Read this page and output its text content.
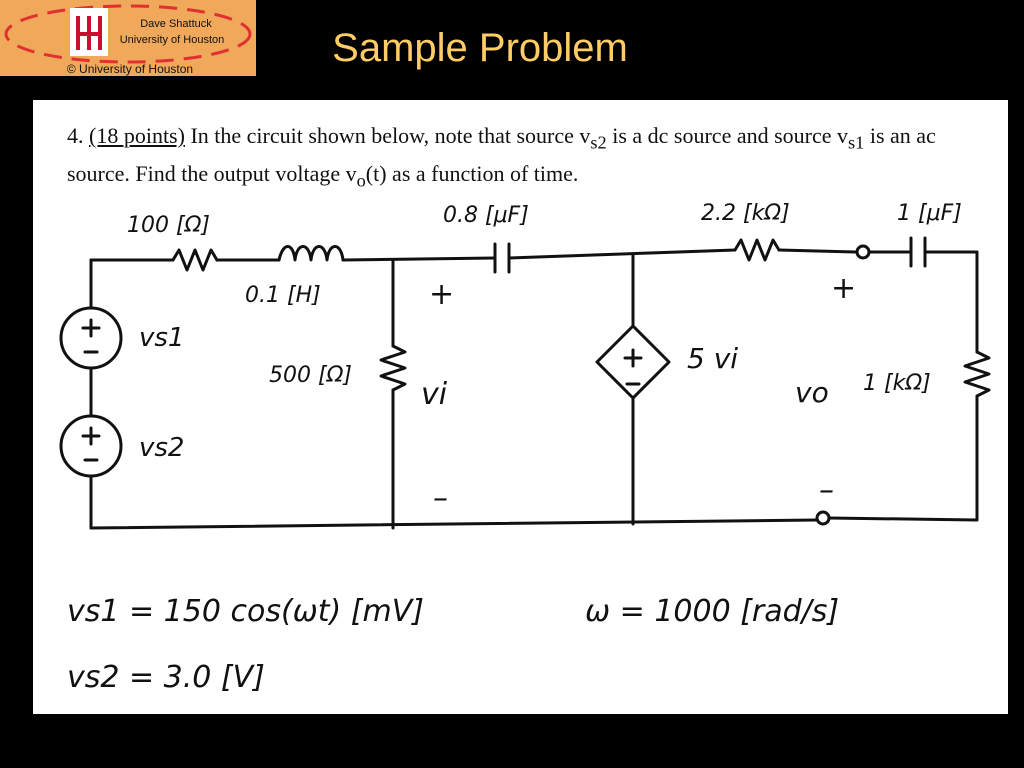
Dave Shattuck
University of Houston
© University of Houston	Sample Problem
4. (18 points) In the circuit shown below, note that source $v_{s2}$ is a dc source and source $v_{s1}$ is an ac source. Find the output voltage $v_o(t)$ as a function of time.
100 [Ω]
0.1 [H]
0.8 [μF]	2.2 [kΩ]	1 [μF]
500 [Ω]	1 [kΩ]
vs1
vs2
vi	vo
5 vi
+
–
+
–
vs1 = 150 cos(ωt) [mV]	ω = 1000 [rad/s]
vs2 = 3.0 [V]
